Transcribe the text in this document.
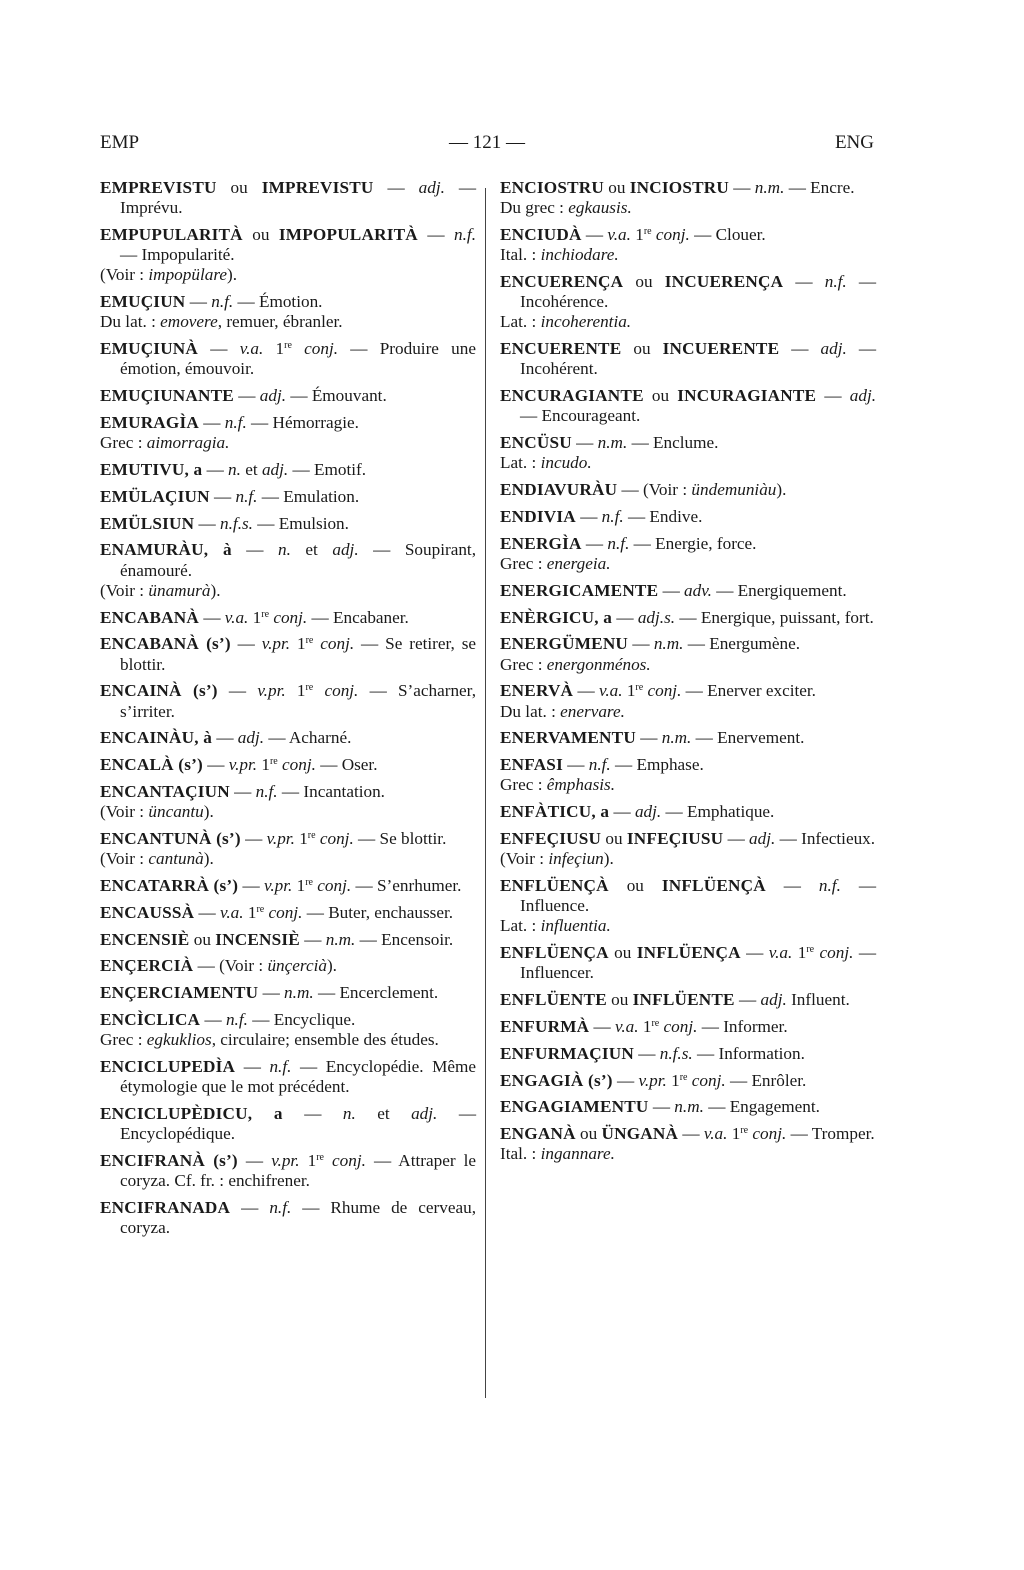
EMP	— 121 —	ENG
EMPREVISTU ou IMPREVISTU — adj. — Imprévu.
EMPUPULARITÀ ou IMPOPULARITÀ — n.f. — Impopularité.
(Voir : impopülare).
EMUÇIUN — n.f. — Émotion.
Du lat. : emovere, remuer, ébranler.
EMUÇIUNÀ — v.a. 1re conj. — Produire une émotion, émouvoir.
EMUÇIUNANTE — adj. — Émouvant.
EMURAGÌA — n.f. — Hémorragie.
Grec : aimorragia.
EMUTIVU, a — n. et adj. — Emotif.
EMÜLAÇIUN — n.f. — Emulation.
EMÜLSIUN — n.f.s. — Emulsion.
ENAMURÀU, à — n. et adj. — Soupirant, énamouré.
(Voir : ünamurà).
ENCABANÀ — v.a. 1re conj. — Encabaner.
ENCABANÀ (s’) — v.pr. 1re conj. — Se retirer, se blottir.
ENCAINÀ (s’) — v.pr. 1re conj. — S’acharner, s’irriter.
ENCAINÀU, à — adj. — Acharné.
ENCALÀ (s’) — v.pr. 1re conj. — Oser.
ENCANTAÇIUN — n.f. — Incantation.
(Voir : üncantu).
ENCANTUNÀ (s’) — v.pr. 1re conj. — Se blottir.
(Voir : cantunà).
ENCATARRÀ (s’) — v.pr. 1re conj. — S’enrhumer.
ENCAUSSÀ — v.a. 1re conj. — Buter, enchausser.
ENCENSIÈ ou INCENSIÈ — n.m. — Encensoir.
ENÇERCIÀ — (Voir : ünçercià).
ENÇERCIAMENTU — n.m. — Encerclement.
ENCÌCLICA — n.f. — Encyclique.
Grec : egkuklios, circulaire; ensemble des études.
ENCICLUPEDÌA — n.f. — Encyclopédie. Même étymologie que le mot précédent.
ENCICLUPÈDICU, a — n. et adj. — Encyclopédique.
ENCIFRANÀ (s’) — v.pr. 1re conj. — Attraper le coryza. Cf. fr. : enchifrener.
ENCIFRANADA — n.f. — Rhume de cerveau, coryza.
ENCIOSTRU ou INCIOSTRU — n.m. — Encre.
Du grec : egkausis.
ENCIUDÀ — v.a. 1re conj. — Clouer.
Ital. : inchiodare.
ENCUERENÇA ou INCUERENÇA — n.f. — Incohérence.
Lat. : incoherentia.
ENCUERENTE ou INCUERENTE — adj. — Incohérent.
ENCURAGIANTE ou INCURAGIANTE — adj. — Encourageant.
ENCÜSU — n.m. — Enclume.
Lat. : incudo.
ENDIAVURÀU — (Voir : ündemuniàu).
ENDIVIA — n.f. — Endive.
ENERGÌA — n.f. — Energie, force.
Grec : energeia.
ENERGICAMENTE — adv. — Energiquement.
ENÈRGICU, a — adj.s. — Energique, puissant, fort.
ENERGÜMENU — n.m. — Energumène.
Grec : energonménos.
ENERVÀ — v.a. 1re conj. — Enerver exciter.
Du lat. : enervare.
ENERVAMENTU — n.m. — Enervement.
ENFASI — n.f. — Emphase.
Grec : êmphasis.
ENFÀTICU, a — adj. — Emphatique.
ENFEÇIUSU ou INFEÇIUSU — adj. — Infectieux.
(Voir : infeçiun).
ENFLÜENÇÀ ou INFLÜENÇÀ — n.f. — Influence.
Lat. : influentia.
ENFLÜENÇA ou INFLÜENÇA — v.a. 1re conj. — Influencer.
ENFLÜENTE ou INFLÜENTE — adj. Influent.
ENFURMÀ — v.a. 1re conj. — Informer.
ENFURMAÇIUN — n.f.s. — Information.
ENGAGIÀ (s’) — v.pr. 1re conj. — Enrôler.
ENGAGIAMENTU — n.m. — Engagement.
ENGANÀ ou ÜNGANÀ — v.a. 1re conj. — Tromper.
Ital. : ingannare.
